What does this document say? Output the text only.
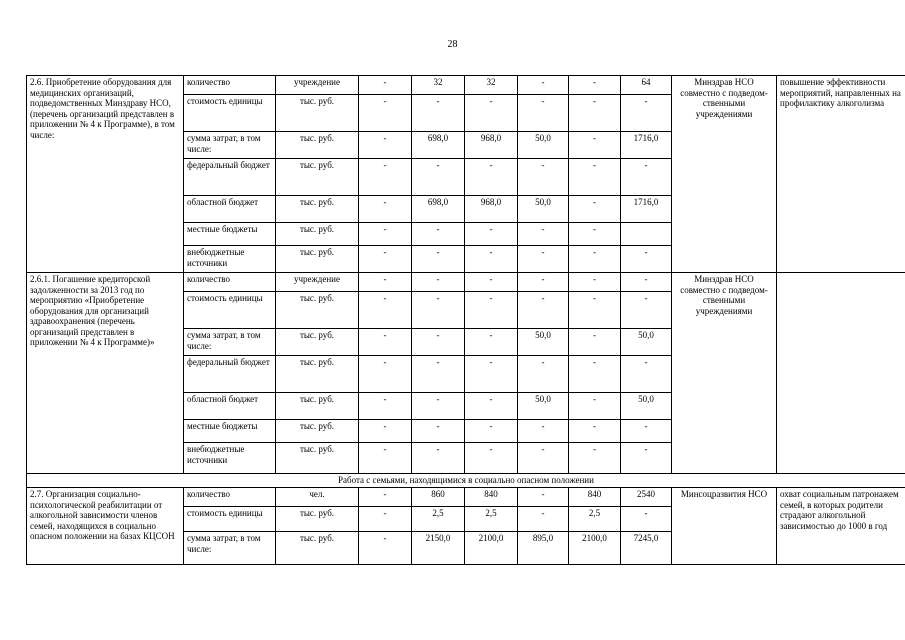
28
2.6. Приобретение оборудования для медицинских организаций, подведомственных Минздраву НСО, (перечень организаций представлен в приложении № 4 к Программе), в том числе:	количество	учреждение	-	32	32	-	-	64	Минздрав НСО совместно с подведом-ственными учреждениями	повышение эффективности мероприятий, направленных на профилактику алкоголизма
	стоимость единицы	тыс. руб.	-	-	-	-	-	-		
	сумма затрат, в том числе:	тыс. руб.	-	698,0	968,0	50,0	-	1716,0		
	федеральный бюджет	тыс. руб.	-	-	-	-	-	-		
	областной бюджет	тыс. руб.	-	698,0	968,0	50,0	-	1716,0		
	местные бюджеты	тыс. руб.	-	-	-	-	-			
	внебюджетные источники	тыс. руб.	-	-	-	-	-	-		
2.6.1. Погашение кредиторской задолженности за 2013 год по мероприятию «Приобретение оборудования для организаций здравоохранения (перечень организаций представлен в приложении № 4 к Программе)»	количество	учреждение	-	-	-	-	-	-	Минздрав НСО совместно с подведом-ственными учреждениями	
	стоимость единицы	тыс. руб.	-	-	-	-	-	-		
	сумма затрат, в том числе:	тыс. руб.	-	-	-	50,0	-	50,0		
	федеральный бюджет	тыс. руб.	-	-	-	-	-	-		
	областной бюджет	тыс. руб.	-	-	-	50,0	-	50,0		
	местные бюджеты	тыс. руб.	-	-	-	-	-	-		
	внебюджетные источники	тыс. руб.	-	-	-	-	-	-		
Работа с семьями, находящимися в социально опасном положении										
2.7. Организация социально-психологической реабилитации от алкогольной зависимости членов семей, находящихся в социально опасном положении на базах КЦСОН	количество	чел.	-	860	840	-	840	2540	Минсоцразвития НСО	охват социальным патронажем семей, в которых родители страдают алкогольной зависимостью до 1000 в год
	стоимость единицы	тыс. руб.	-	2,5	2,5	-	2,5	-		
	сумма затрат, в том числе:	тыс. руб.	-	2150,0	2100,0	895,0	2100,0	7245,0		
